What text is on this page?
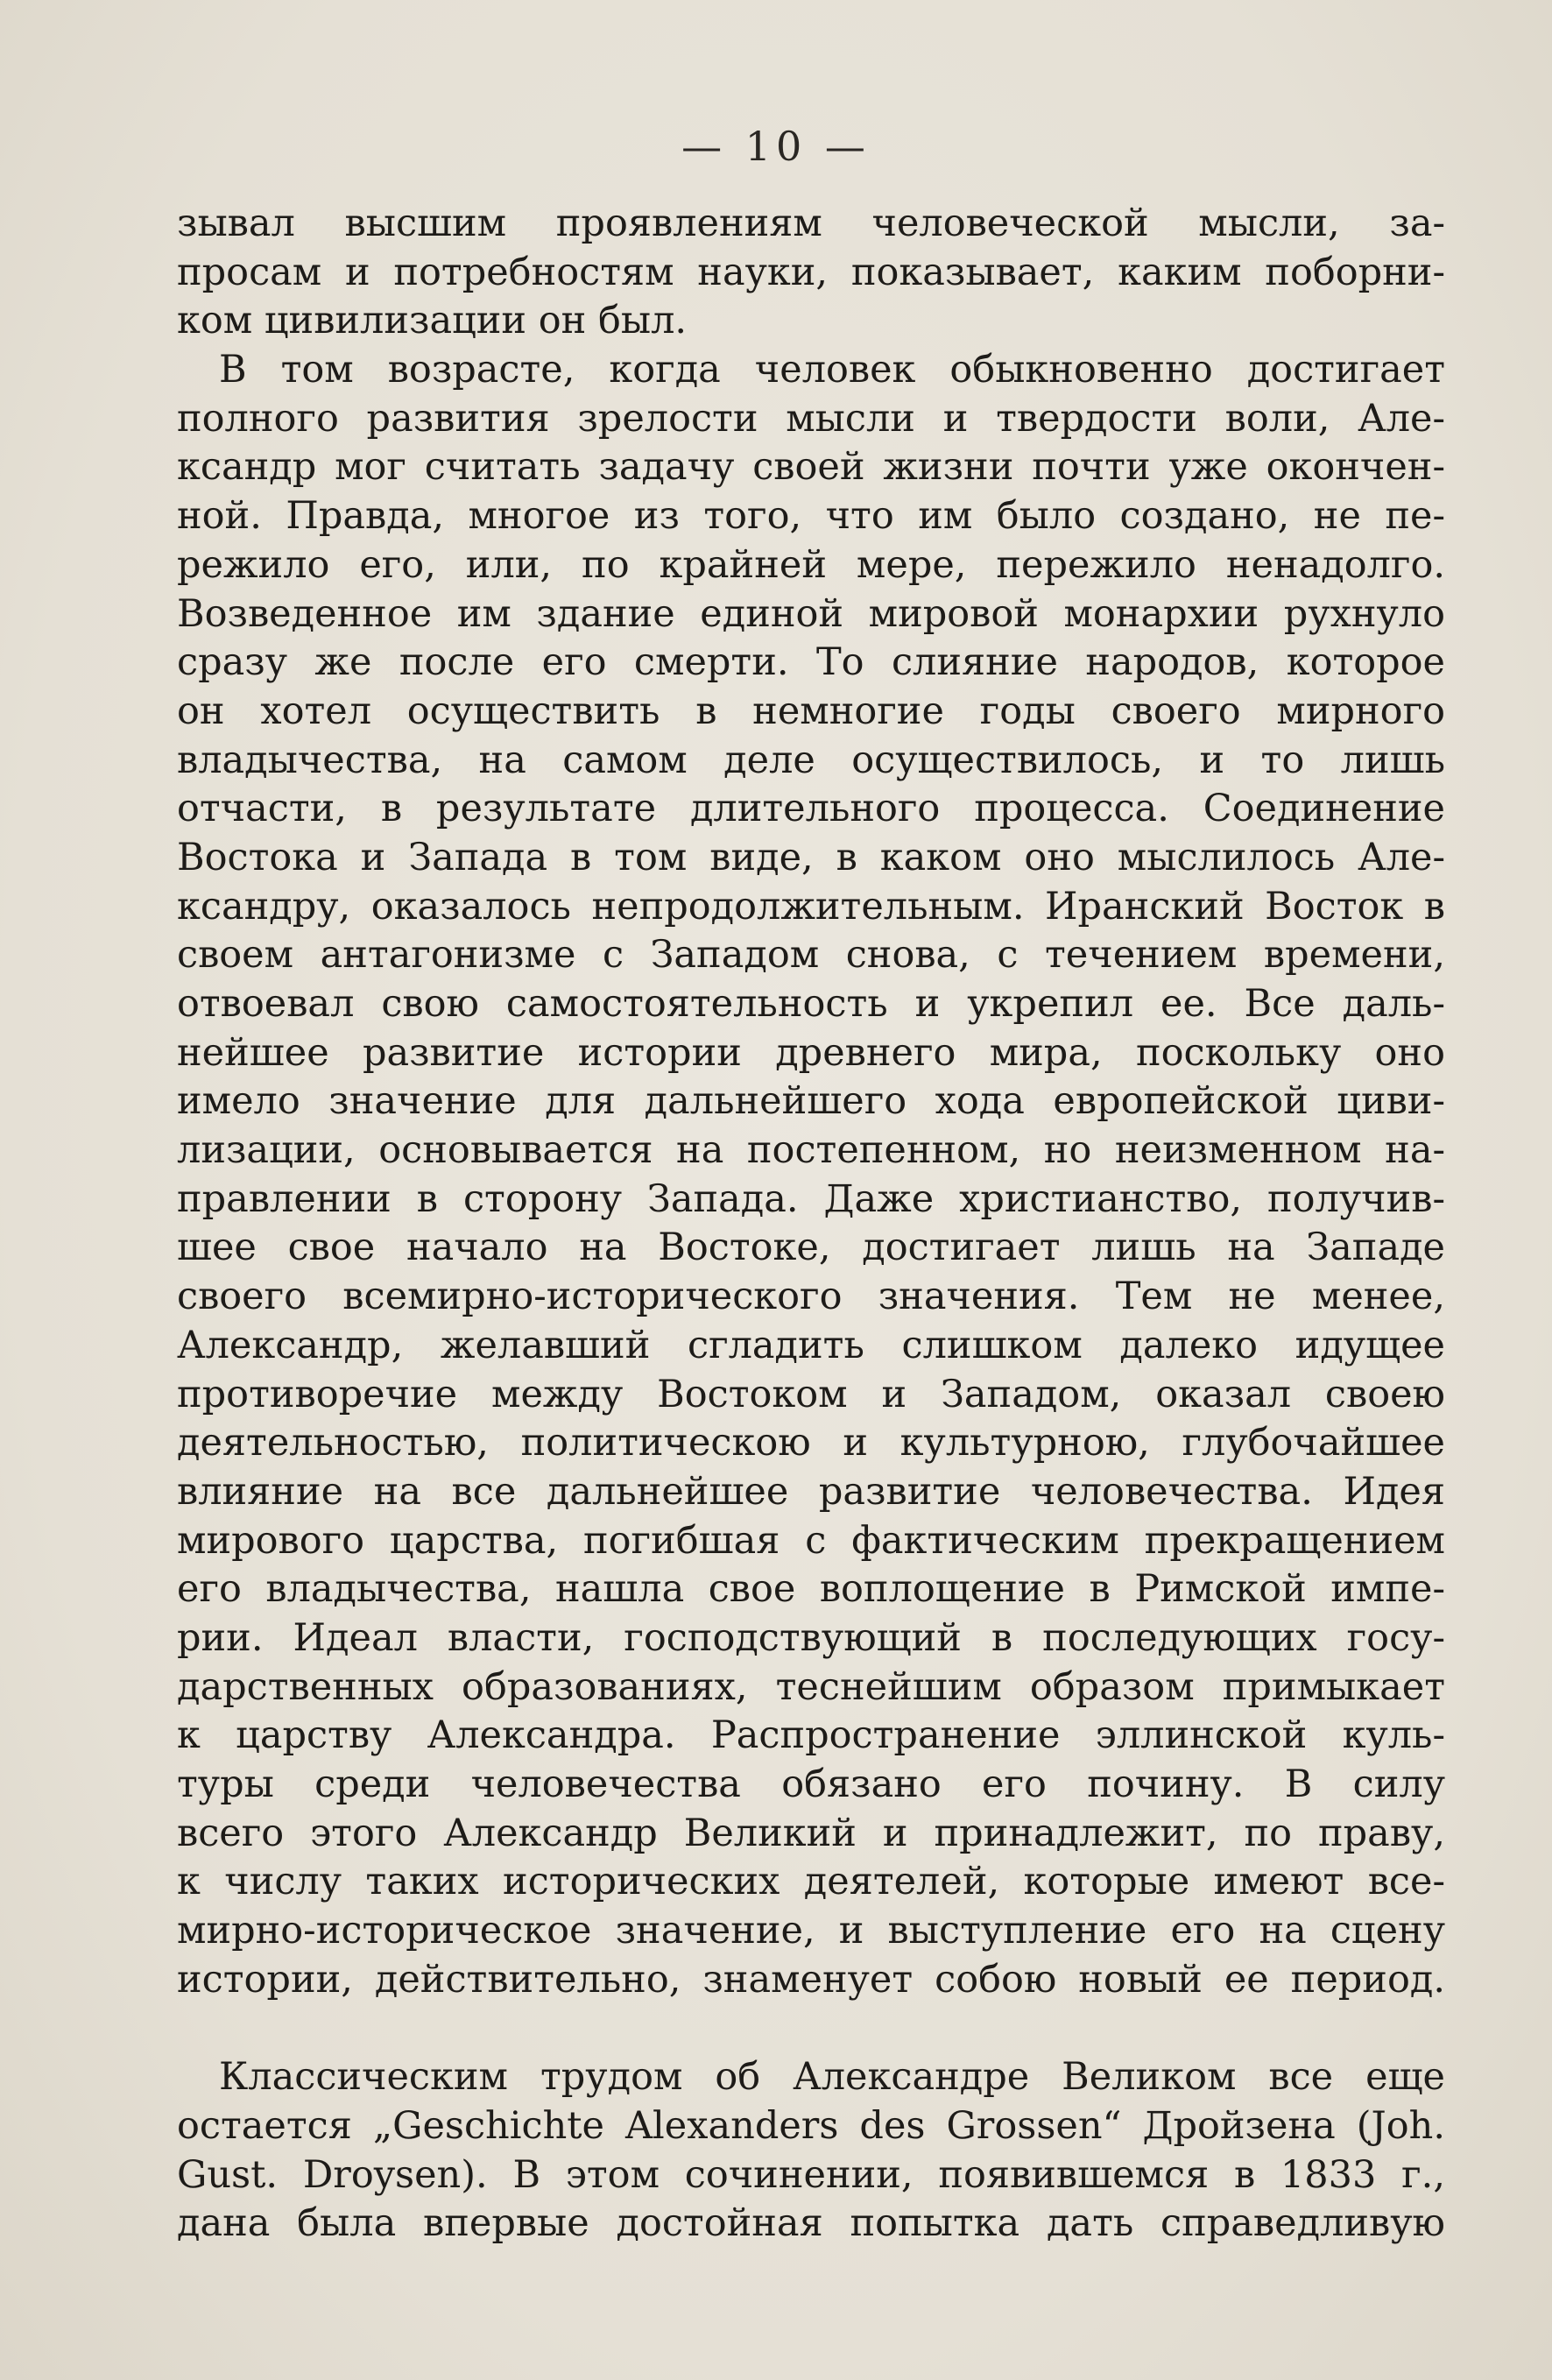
— 10 —
зывал высшим проявлениям человеческой мысли, за-
просам и потребностям науки, показывает, каким поборни-
ком цивилизации он был.
В том возрасте, когда человек обыкновенно достигает
полного развития зрелости мысли и твердости воли, Але-
ксандр мог считать задачу своей жизни почти уже окончен-
ной. Правда, многое из того, что им было создано, не пе-
режило его, или, по крайней мере, пережило ненадолго.
Возведенное им здание единой мировой монархии рухнуло
сразу же после его смерти. То слияние народов, которое
он хотел осуществить в немногие годы своего мирного
владычества, на самом деле осуществилось, и то лишь
отчасти, в результате длительного процесса. Соединение
Востока и Запада в том виде, в каком оно мыслилось Але-
ксандру, оказалось непродолжительным. Иранский Восток в
своем антагонизме с Западом снова, с течением времени,
отвоевал свою самостоятельность и укрепил ее. Все даль-
нейшее развитие истории древнего мира, поскольку оно
имело значение для дальнейшего хода европейской циви-
лизации, основывается на постепенном, но неизменном на-
правлении в сторону Запада. Даже христианство, получив-
шее свое начало на Востоке, достигает лишь на Западе
своего всемирно-исторического значения. Тем не менее,
Александр, желавший сгладить слишком далеко идущее
противоречие между Востоком и Западом, оказал своею
деятельностью, политическою и культурною, глубочайшее
влияние на все дальнейшее развитие человечества. Идея
мирового царства, погибшая с фактическим прекращением
его владычества, нашла свое воплощение в Римской импе-
рии. Идеал власти, господствующий в последующих госу-
дарственных образованиях, теснейшим образом примыкает
к царству Александра. Распространение эллинской куль-
туры среди человечества обязано его почину. В силу
всего этого Александр Великий и принадлежит, по праву,
к числу таких исторических деятелей, которые имеют все-
мирно-историческое значение, и выступление его на сцену
истории, действительно, знаменует собою новый ее период.
Классическим трудом об Александре Великом все еще
остается „Geschichte Alexanders des Grossen“ Дройзена (Joh.
Gust. Droysen). В этом сочинении, появившемся в 1833 г.,
дана была впервые достойная попытка дать справедливую
